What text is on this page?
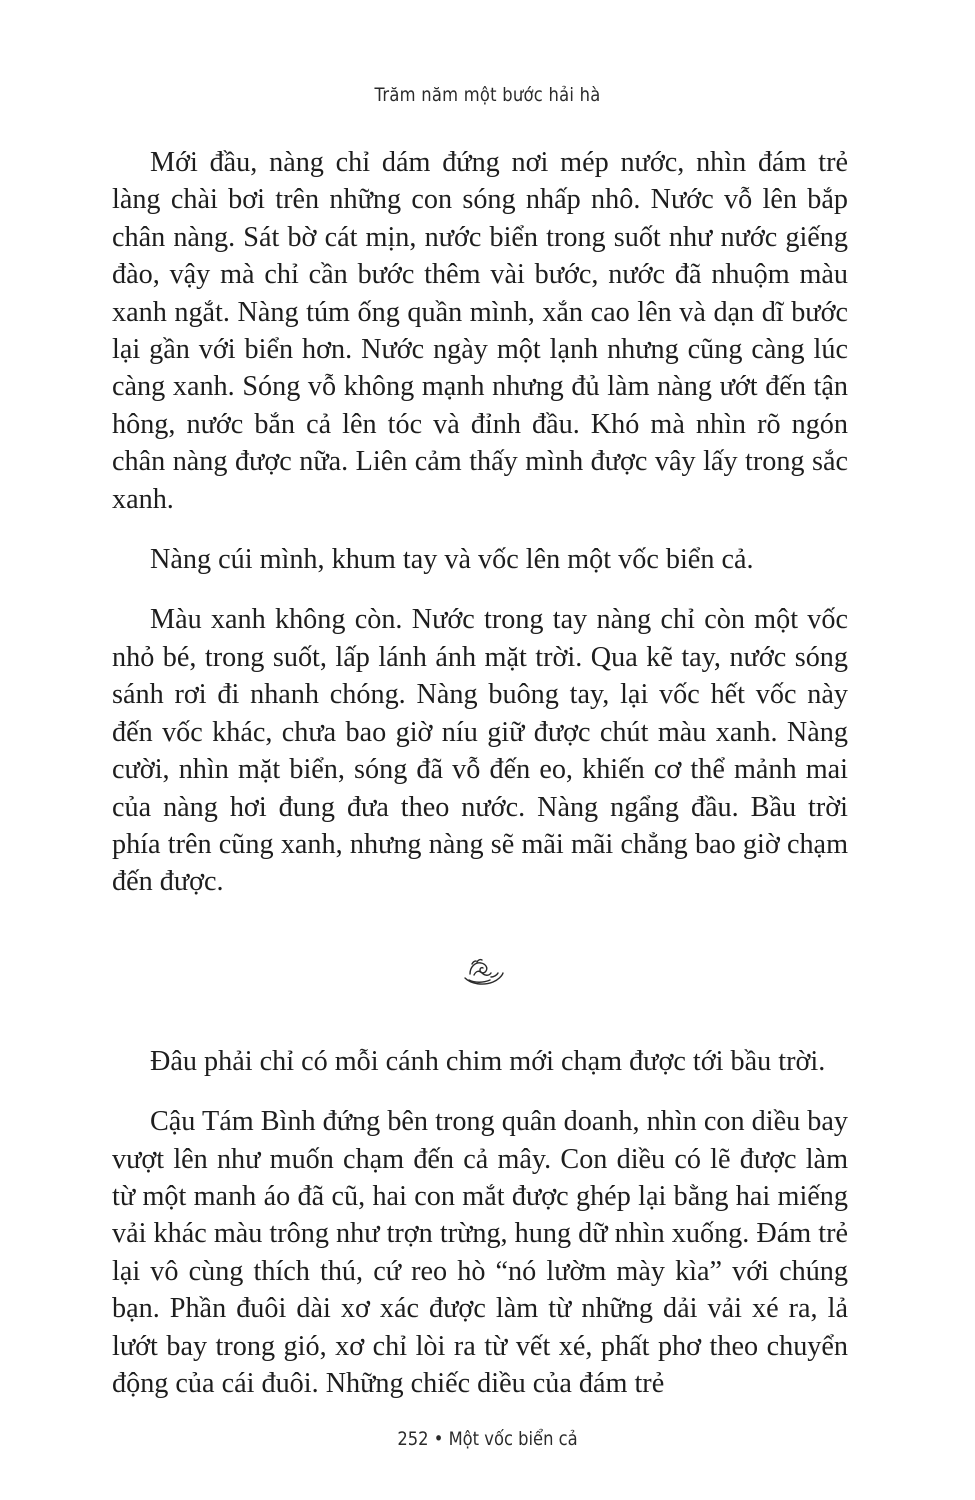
Trăm năm một bước hải hà

Mới đầu, nàng chỉ dám đứng nơi mép nước, nhìn đám trẻ làng chài bơi trên những con sóng nhấp nhô. Nước vỗ lên bắp chân nàng. Sát bờ cát mịn, nước biển trong suốt như nước giếng đào, vậy mà chỉ cần bước thêm vài bước, nước đã nhuộm màu xanh ngắt. Nàng túm ống quần mình, xắn cao lên và dạn dĩ bước lại gần với biển hơn. Nước ngày một lạnh nhưng cũng càng lúc càng xanh. Sóng vỗ không mạnh nhưng đủ làm nàng ướt đến tận hông, nước bắn cả lên tóc và đỉnh đầu. Khó mà nhìn rõ ngón chân nàng được nữa. Liên cảm thấy mình được vây lấy trong sắc xanh.

Nàng cúi mình, khum tay và vốc lên một vốc biển cả.

Màu xanh không còn. Nước trong tay nàng chỉ còn một vốc nhỏ bé, trong suốt, lấp lánh ánh mặt trời. Qua kẽ tay, nước sóng sánh rơi đi nhanh chóng. Nàng buông tay, lại vốc hết vốc này đến vốc khác, chưa bao giờ níu giữ được chút màu xanh. Nàng cười, nhìn mặt biển, sóng đã vỗ đến eo, khiến cơ thể mảnh mai của nàng hơi đung đưa theo nước. Nàng ngẩng đầu. Bầu trời phía trên cũng xanh, nhưng nàng sẽ mãi mãi chẳng bao giờ chạm đến được.

Đâu phải chỉ có mỗi cánh chim mới chạm được tới bầu trời.

Cậu Tám Bình đứng bên trong quân doanh, nhìn con diều bay vượt lên như muốn chạm đến cả mây. Con diều có lẽ được làm từ một manh áo đã cũ, hai con mắt được ghép lại bằng hai miếng vải khác màu trông như trợn trừng, hung dữ nhìn xuống. Đám trẻ lại vô cùng thích thú, cứ reo hò “nó lườm mày kìa” với chúng bạn. Phần đuôi dài xơ xác được làm từ những dải vải xé ra, lả lướt bay trong gió, xơ chỉ lòi ra từ vết xé, phất phơ theo chuyển động của cái đuôi. Những chiếc diều của đám trẻ

252 • Một vốc biển cả
